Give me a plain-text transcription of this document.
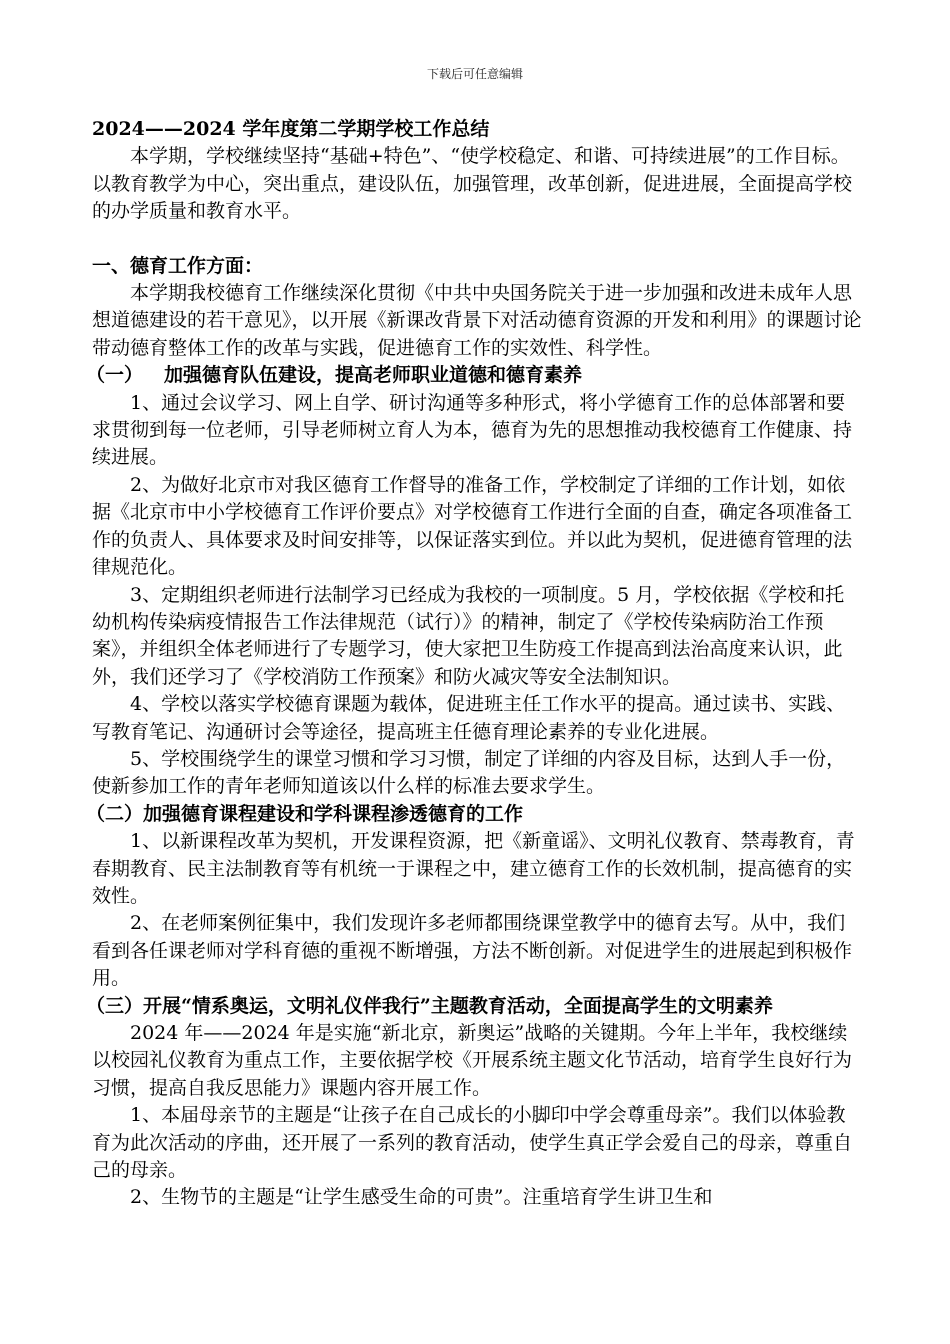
下载后可任意编辑

2024——2024 学年度第二学期学校工作总结

本学期，学校继续坚持“基础+特色”、“使学校稳定、和谐、可持续进展”的工作目标。以教育教学为中心，突出重点，建设队伍，加强管理，改革创新，促进进展，全面提高学校的办学质量和教育水平。

一、德育工作方面：

本学期我校德育工作继续深化贯彻《中共中央国务院关于进一步加强和改进未成年人思想道德建设的若干意见》，以开展《新课改背景下对活动德育资源的开发和利用》的课题讨论带动德育整体工作的改革与实践，促进德育工作的实效性、科学性。

（一） 加强德育队伍建设，提高老师职业道德和德育素养

1、通过会议学习、网上自学、研讨沟通等多种形式，将小学德育工作的总体部署和要求贯彻到每一位老师，引导老师树立育人为本，德育为先的思想推动我校德育工作健康、持续进展。

2、为做好北京市对我区德育工作督导的准备工作，学校制定了详细的工作计划，如依据《北京市中小学校德育工作评价要点》对学校德育工作进行全面的自查，确定各项准备工作的负责人、具体要求及时间安排等，以保证落实到位。并以此为契机，促进德育管理的法律规范化。

3、定期组织老师进行法制学习已经成为我校的一项制度。5 月，学校依据《学校和托幼机构传染病疫情报告工作法律规范（试行）》的精神，制定了《学校传染病防治工作预案》，并组织全体老师进行了专题学习，使大家把卫生防疫工作提高到法治高度来认识，此外，我们还学习了《学校消防工作预案》和防火减灾等安全法制知识。

4、学校以落实学校德育课题为载体，促进班主任工作水平的提高。通过读书、实践、写教育笔记、沟通研讨会等途径，提高班主任德育理论素养的专业化进展。

5、学校围绕学生的课堂习惯和学习习惯，制定了详细的内容及目标，达到人手一份，使新参加工作的青年老师知道该以什么样的标准去要求学生。

（二）加强德育课程建设和学科课程渗透德育的工作

1、以新课程改革为契机，开发课程资源，把《新童谣》、文明礼仪教育、禁毒教育，青春期教育、民主法制教育等有机统一于课程之中，建立德育工作的长效机制，提高德育的实效性。

2、在老师案例征集中，我们发现许多老师都围绕课堂教学中的德育去写。从中，我们看到各任课老师对学科育德的重视不断增强，方法不断创新。对促进学生的进展起到积极作用。

（三）开展“情系奥运，文明礼仪伴我行”主题教育活动，全面提高学生的文明素养

2024 年——2024 年是实施“新北京，新奥运”战略的关键期。今年上半年，我校继续以校园礼仪教育为重点工作，主要依据学校《开展系统主题文化节活动，培育学生良好行为习惯，提高自我反思能力》课题内容开展工作。

1、本届母亲节的主题是“让孩子在自己成长的小脚印中学会尊重母亲”。我们以体验教育为此次活动的序曲，还开展了一系列的教育活动，使学生真正学会爱自己的母亲，尊重自己的母亲。

2、生物节的主题是“让学生感受生命的可贵”。注重培育学生讲卫生和
